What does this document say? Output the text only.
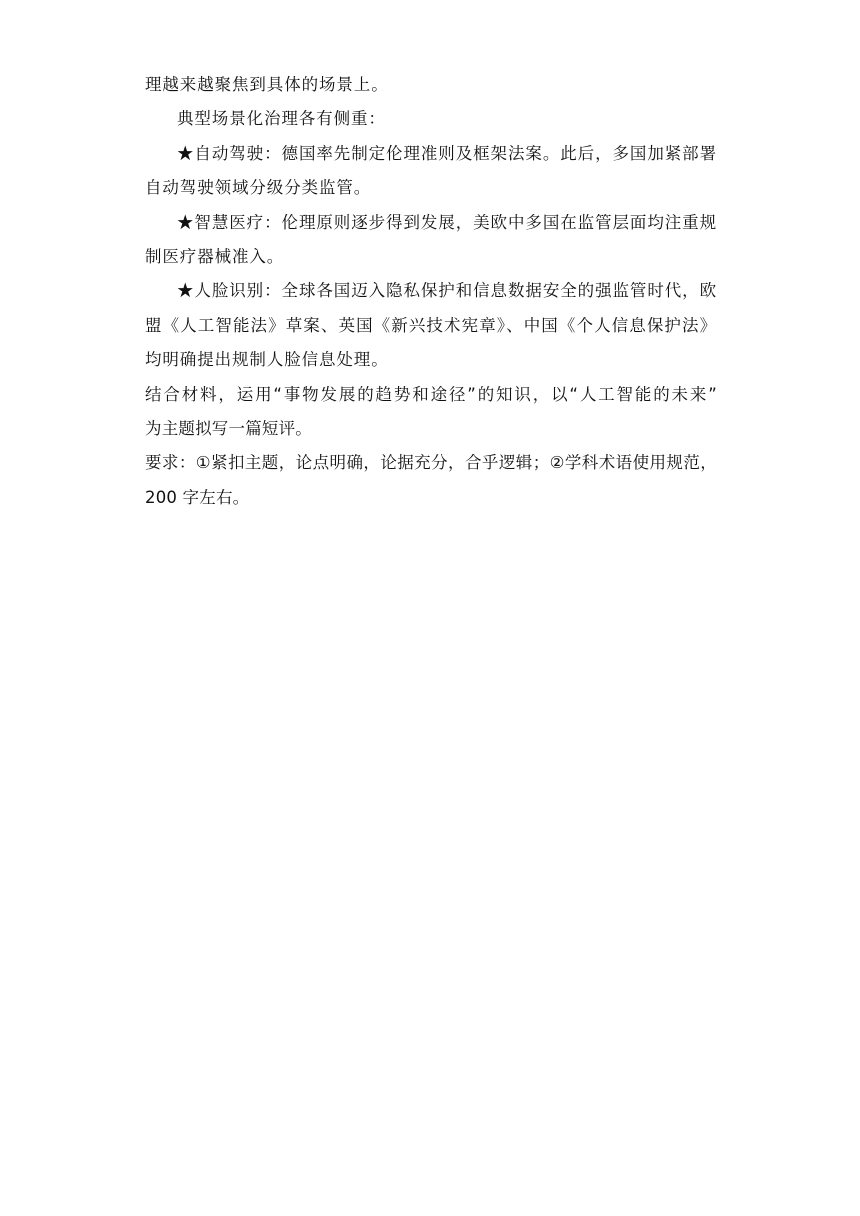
理越来越聚焦到具体的场景上。
典型场景化治理各有侧重：
★自动驾驶：德国率先制定伦理准则及框架法案。此后，多国加紧部署
自动驾驶领域分级分类监管。
★智慧医疗：伦理原则逐步得到发展，美欧中多国在监管层面均注重规
制医疗器械准入。
★人脸识别：全球各国迈入隐私保护和信息数据安全的强监管时代，欧
盟《人工智能法》草案、英国《新兴技术宪章》、中国《个人信息保护法》
均明确提出规制人脸信息处理。
结合材料，运用“事物发展的趋势和途径”的知识，以“人工智能的未来”
为主题拟写一篇短评。
要求：①紧扣主题，论点明确，论据充分，合乎逻辑；②学科术语使用规范，
200 字左右。
